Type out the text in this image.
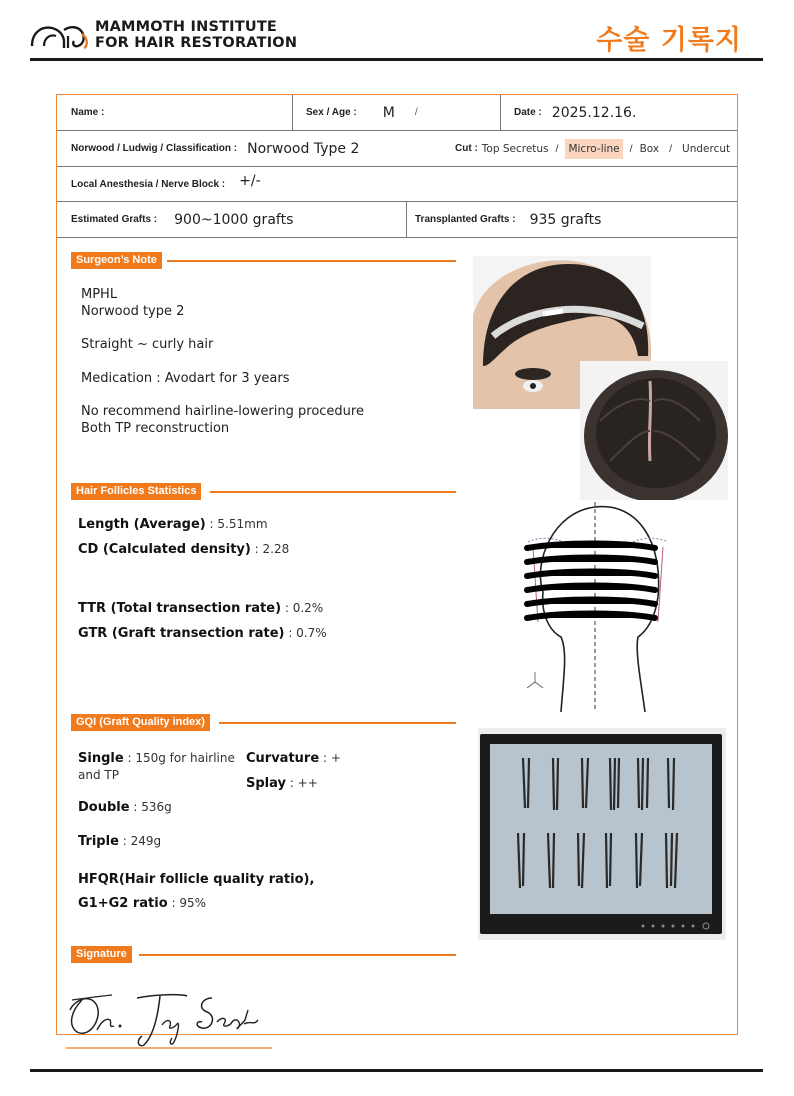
MAMMOTH INSTITUTE
FOR HAIR RESTORATION	수술 기록지
Name :	Sex / Age : M /	Date : 2025.12.16.
Norwood / Ludwig / Classification : Norwood Type 2	Cut : Top Secretus / Micro-line / Box / Undercut
Local Anesthesia / Nerve Block : +/-
Estimated Grafts : 900~1000 grafts	Transplanted Grafts : 935 grafts
Surgeon’s Note
MPHL
Norwood type 2
Straight ~ curly hair
Medication : Avodart for 3 years
No recommend hairline-lowering procedure
Both TP reconstruction
Hair Follicles Statistics
Length (Average) : 5.51mm
CD (Calculated density) : 2.28
TTR (Total transection rate) : 0.2%
GTR (Graft transection rate) : 0.7%
GQI (Graft Quality index)
Single : 150g for hairline
and TP
Curvature : +
Splay : ++
Double : 536g
Triple : 249g
HFQR(Hair follicle quality ratio),
G1+G2 ratio : 95%
Signature
